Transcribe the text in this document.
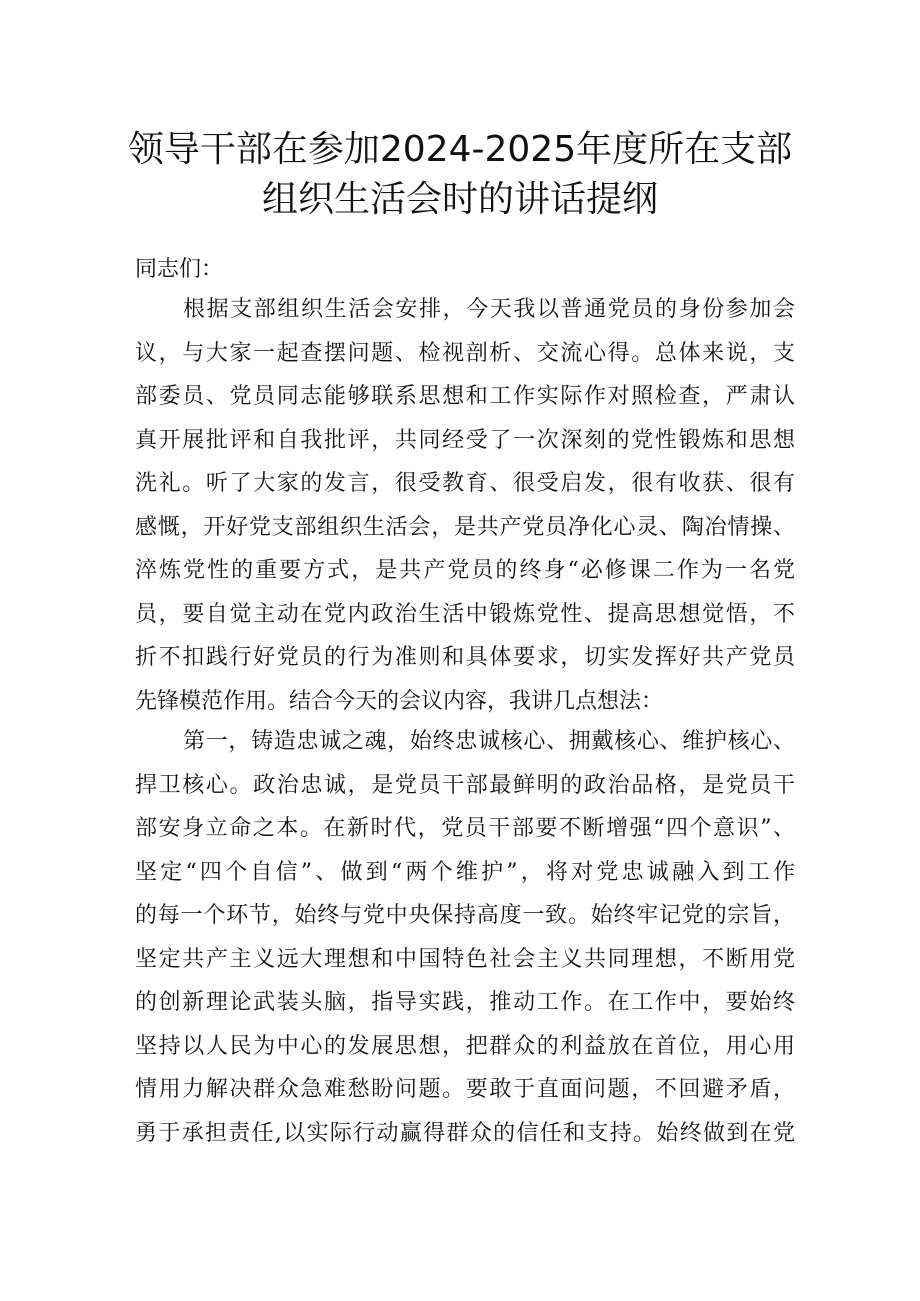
领导干部在参加2024-2025年度所在支部
组织生活会时的讲话提纲
同志们：
根据支部组织生活会安排，今天我以普通党员的身份参加会
议，与大家一起查摆问题、检视剖析、交流心得。总体来说，支
部委员、党员同志能够联系思想和工作实际作对照检查，严肃认
真开展批评和自我批评，共同经受了一次深刻的党性锻炼和思想
洗礼。听了大家的发言，很受教育、很受启发，很有收获、很有
感慨，开好党支部组织生活会，是共产党员净化心灵、陶冶情操、
淬炼党性的重要方式，是共产党员的终身“必修课二作为一名党
员，要自觉主动在党内政治生活中锻炼党性、提高思想觉悟，不
折不扣践行好党员的行为准则和具体要求，切实发挥好共产党员
先锋模范作用。结合今天的会议内容，我讲几点想法：
第一，铸造忠诚之魂，始终忠诚核心、拥戴核心、维护核心、
捍卫核心。政治忠诚，是党员干部最鲜明的政治品格，是党员干
部安身立命之本。在新时代，党员干部要不断增强“四个意识”、
坚定“四个自信”、做到“两个维护”，将对党忠诚融入到工作
的每一个环节，始终与党中央保持高度一致。始终牢记党的宗旨，
坚定共产主义远大理想和中国特色社会主义共同理想，不断用党
的创新理论武装头脑，指导实践，推动工作。在工作中，要始终
坚持以人民为中心的发展思想，把群众的利益放在首位，用心用
情用力解决群众急难愁盼问题。要敢于直面问题，不回避矛盾，
勇于承担责任,以实际行动赢得群众的信任和支持。始终做到在党
